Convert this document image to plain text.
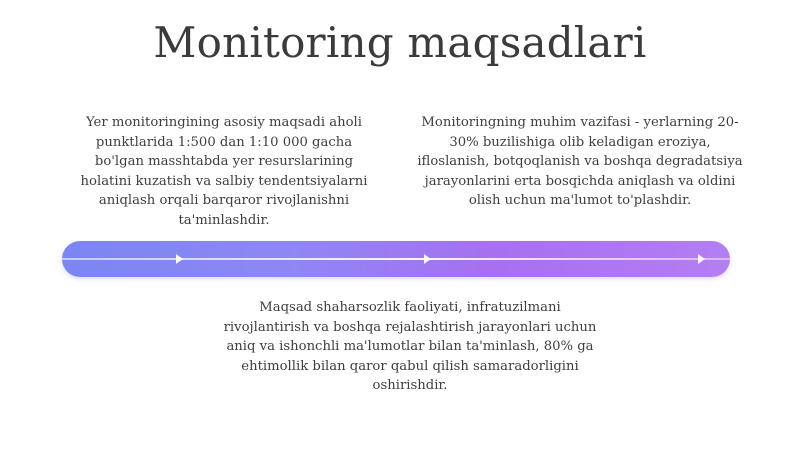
Monitoring maqsadlari

Yer monitoringining asosiy maqsadi aholi punktlarida 1:500 dan 1:10 000 gacha bo'lgan masshtabda yer resurslarining holatini kuzatish va salbiy tendentsiyalarni aniqlash orqali barqaror rivojlanishni ta'minlashdir.

Monitoringning muhim vazifasi - yerlarning 20-30% buzilishiga olib keladigan eroziya, ifloslanish, botqoqlanish va boshqa degradatsiya jarayonlarini erta bosqichda aniqlash va oldini olish uchun ma'lumot to'plashdir.

Maqsad shaharsozlik faoliyati, infratuzilmani rivojlantirish va boshqa rejalashtirish jarayonlari uchun aniq va ishonchli ma'lumotlar bilan ta'minlash, 80% ga ehtimollik bilan qaror qabul qilish samaradorligini oshirishdir.
